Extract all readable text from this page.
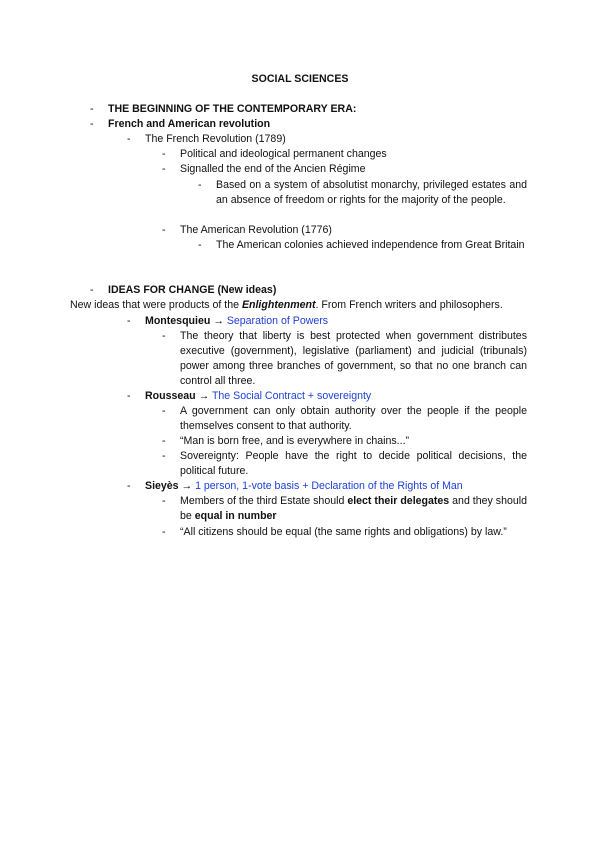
SOCIAL SCIENCES
-	THE BEGINNING OF THE CONTEMPORARY ERA:
-	French and American revolution
-	The French Revolution (1789)
-	Political and ideological permanent changes
-	Signalled the end of the Ancien Régime
-	Based on a system of absolutist monarchy, privileged estates and an absence of freedom or rights for the majority of the people.
-	The American Revolution (1776)
-	The American colonies achieved independence from Great Britain
-	IDEAS FOR CHANGE (New ideas)
New ideas that were products of the Enlightenment. From French writers and philosophers.
-	Montesquieu → Separation of Powers
-	The theory that liberty is best protected when government distributes executive (government), legislative (parliament) and judicial (tribunals) power among three branches of government, so that no one branch can control all three.
-	Rousseau → The Social Contract + sovereignty
-	A government can only obtain authority over the people if the people themselves consent to that authority.
-	“Man is born free, and is everywhere in chains...”
-	Sovereignty: People have the right to decide political decisions, the political future.
-	Sieyès → 1 person, 1-vote basis + Declaration of the Rights of Man
-	Members of the third Estate should elect their delegates and they should be equal in number
-	“All citizens should be equal (the same rights and obligations) by law.”
